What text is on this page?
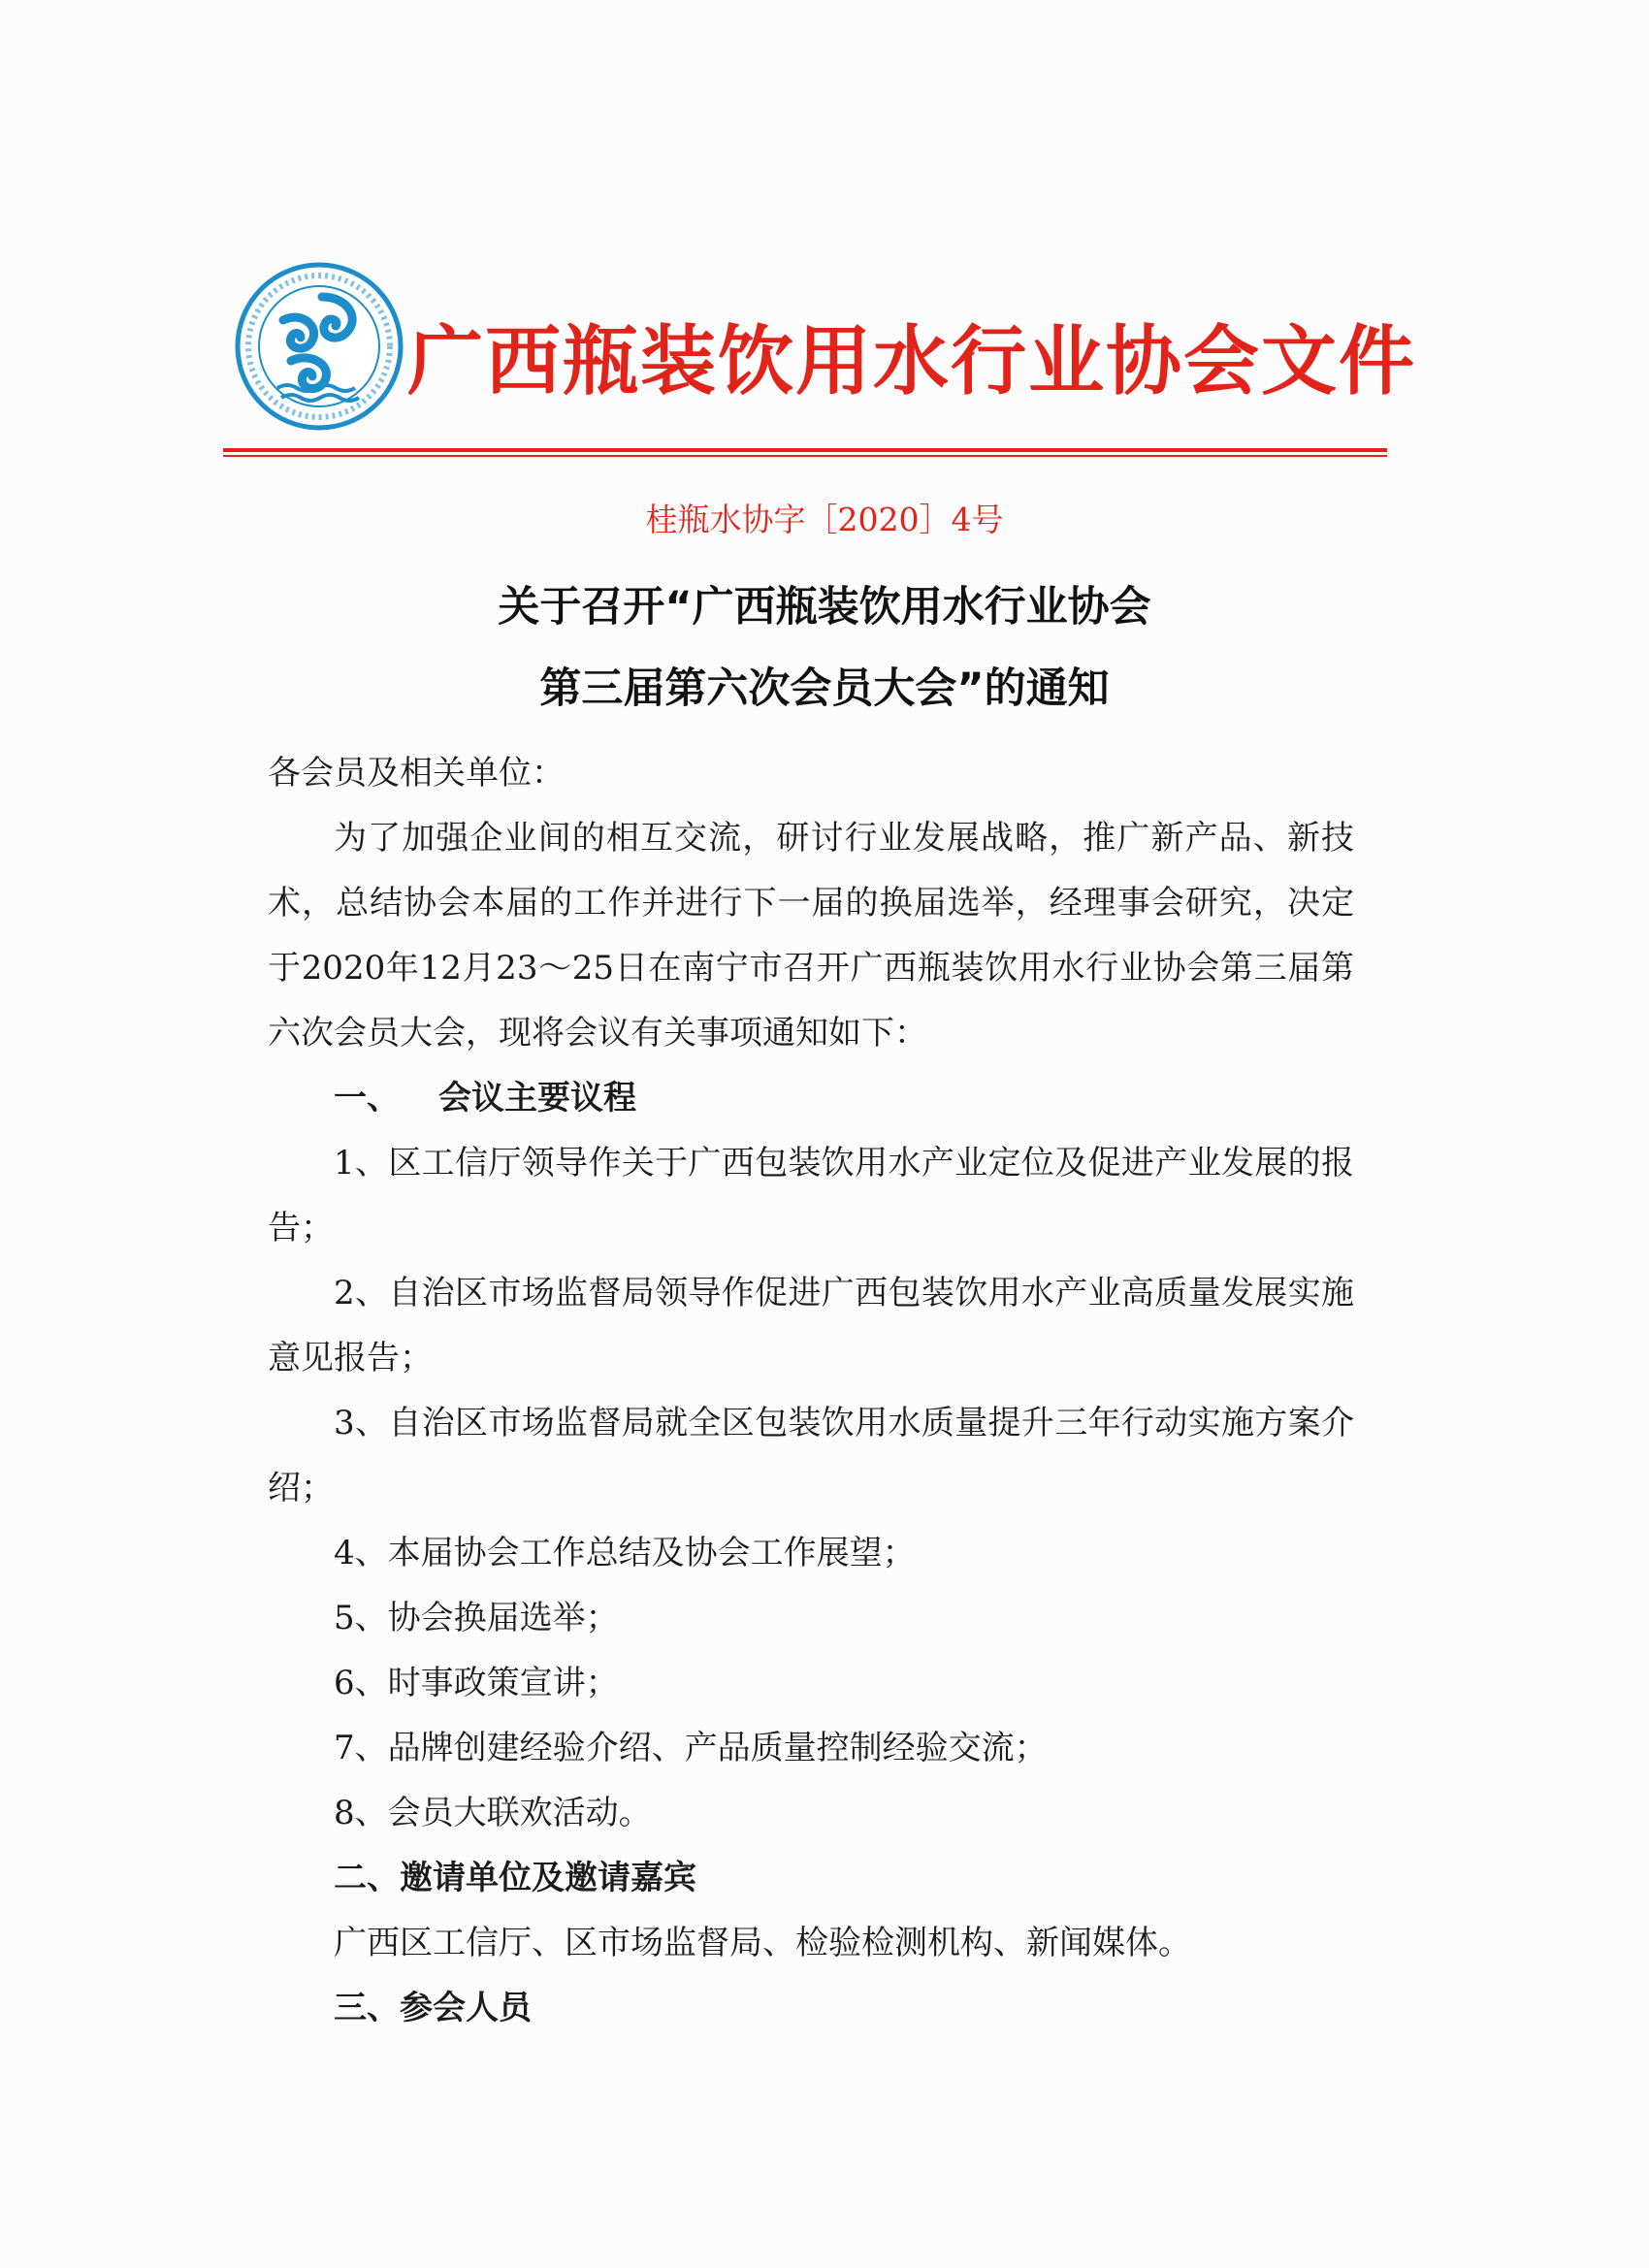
广西瓶装饮用水行业协会文件
桂瓶水协字［2020］4号
关于召开“广西瓶装饮用水行业协会
第三届第六次会员大会”的通知

各会员及相关单位：

为了加强企业间的相互交流，研讨行业发展战略，推广新产品、新技术，总结协会本届的工作并进行下一届的换届选举，经理事会研究，决定于2020年12月23～25日在南宁市召开广西瓶装饮用水行业协会第三届第六次会员大会，现将会议有关事项通知如下：

一、 会议主要议程

1、区工信厅领导作关于广西包装饮用水产业定位及促进产业发展的报告；

2、自治区市场监督局领导作促进广西包装饮用水产业高质量发展实施意见报告；

3、自治区市场监督局就全区包装饮用水质量提升三年行动实施方案介绍；

4、本届协会工作总结及协会工作展望；

5、协会换届选举；

6、时事政策宣讲；

7、品牌创建经验介绍、产品质量控制经验交流；

8、会员大联欢活动。

二、邀请单位及邀请嘉宾

广西区工信厅、区市场监督局、检验检测机构、新闻媒体。

三、参会人员
